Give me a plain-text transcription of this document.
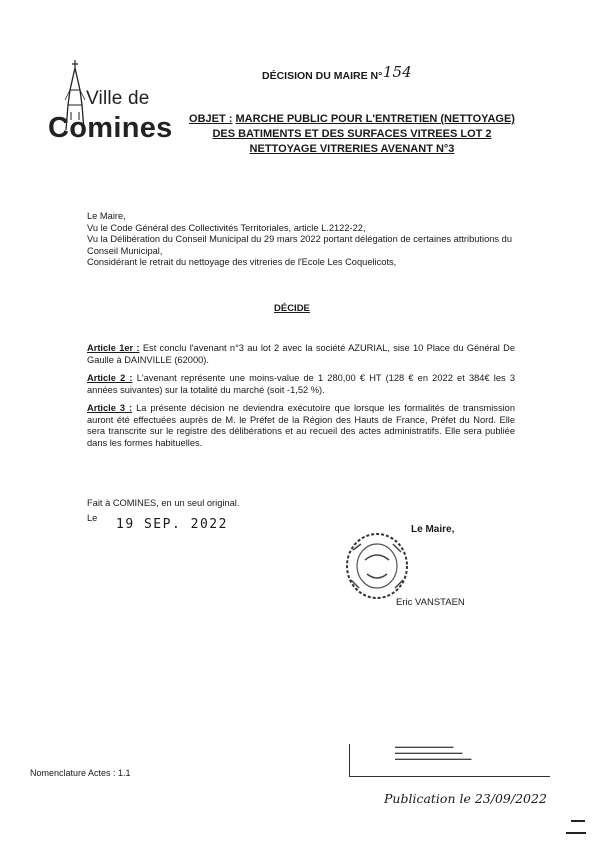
Ville de
Comines
DÉCISION DU MAIRE N° 154
OBJET : MARCHE PUBLIC POUR L'ENTRETIEN (NETTOYAGE) DES BATIMENTS ET DES SURFACES VITREES LOT 2 NETTOYAGE VITRERIES AVENANT N°3
Le Maire,
Vu le Code Général des Collectivités Territoriales, article L.2122-22,
Vu la Délibération du Conseil Municipal du 29 mars 2022 portant délégation de certaines attributions du Conseil Municipal,
Considérant le retrait du nettoyage des vitreries de l'Ecole Les Coquelicots,
DÉCIDE

Article 1er : Est conclu l'avenant n°3 au lot 2 avec la société AZURIAL, sise 10 Place du Général De Gaulle à DAINVILLE (62000).

Article 2 : L'avenant représente une moins-value de 1 280,00 € HT (128 € en 2022 et 384€ les 3 années suivantes) sur la totalité du marché (soit -1,52 %).

Article 3 : La présente décision ne deviendra exécutoire que lorsque les formalités de transmission auront été effectuées auprès de M. le Préfet de la Région des Hauts de France, Préfet du Nord. Elle sera transcrite sur le registre des délibérations et au recueil des actes administratifs. Elle sera publiée dans les formes habituelles.

Fait à COMINES, en un seul original.
Le 19 SEP. 2022	Le Maire,
Eric VANSTAEN
Nomenclature Actes : 1.1
▬▬▬▬▬▬▬▬▬▬▬▬▬
▬▬▬▬▬▬▬▬▬▬▬▬▬▬▬
▬▬▬▬▬▬▬▬▬▬▬▬▬▬▬▬▬
Publication le 23/09/2022
